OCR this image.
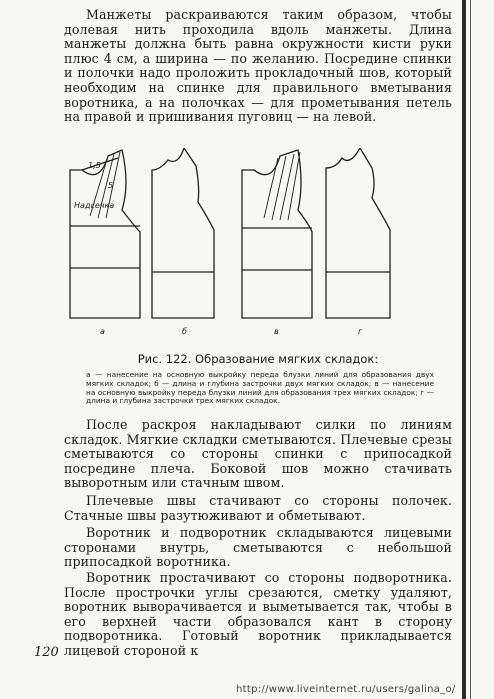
Манжеты раскраиваются таким образом, чтобы долевая нить проходила вдоль манжеты. Длина манжеты должна быть равна окружности кисти руки плюс 4 см, а ширина — по желанию. Посредине спинки и полочки надо проложить прокладочный шов, который необходим на спинке для правильного вметывания воротника, а на полочках — для прометывания петель на правой и пришивания пуговиц — на левой.

1,5
5
Надсечка
а	б	в	г
Рис. 122. Образование мягких складок:

а — нанесение на основную выкройку переда блузки линий для образования двух мягких складок; б — длина и глубина застрочки двух мягких складок; в — нанесение на основную выкройку переда блузки линий для образования трех мягких складок; г — длина и глубина застрочки трех мягких складок.

После раскроя накладывают силки по линиям складок. Мягкие складки сметываются. Плечевые срезы сметываются со стороны спинки с припосадкой посредине плеча. Боковой шов можно стачивать выворотным или стачным швом.

Плечевые швы стачивают со стороны полочек. Стачные швы разутюживают и обметывают.

Воротник и подворотник складываются лицевыми сторонами внутрь, сметываются с небольшой припосадкой воротника.

Воротник простачивают со стороны подворотника. После прострочки углы срезаются, сметку удаляют, воротник выворачивается и выметывается так, чтобы в его верхней части образовался кант в сторону подворотника. Готовый воротник прикладывается лицевой стороной к

120
http://www.liveinternet.ru/users/galina_o/
